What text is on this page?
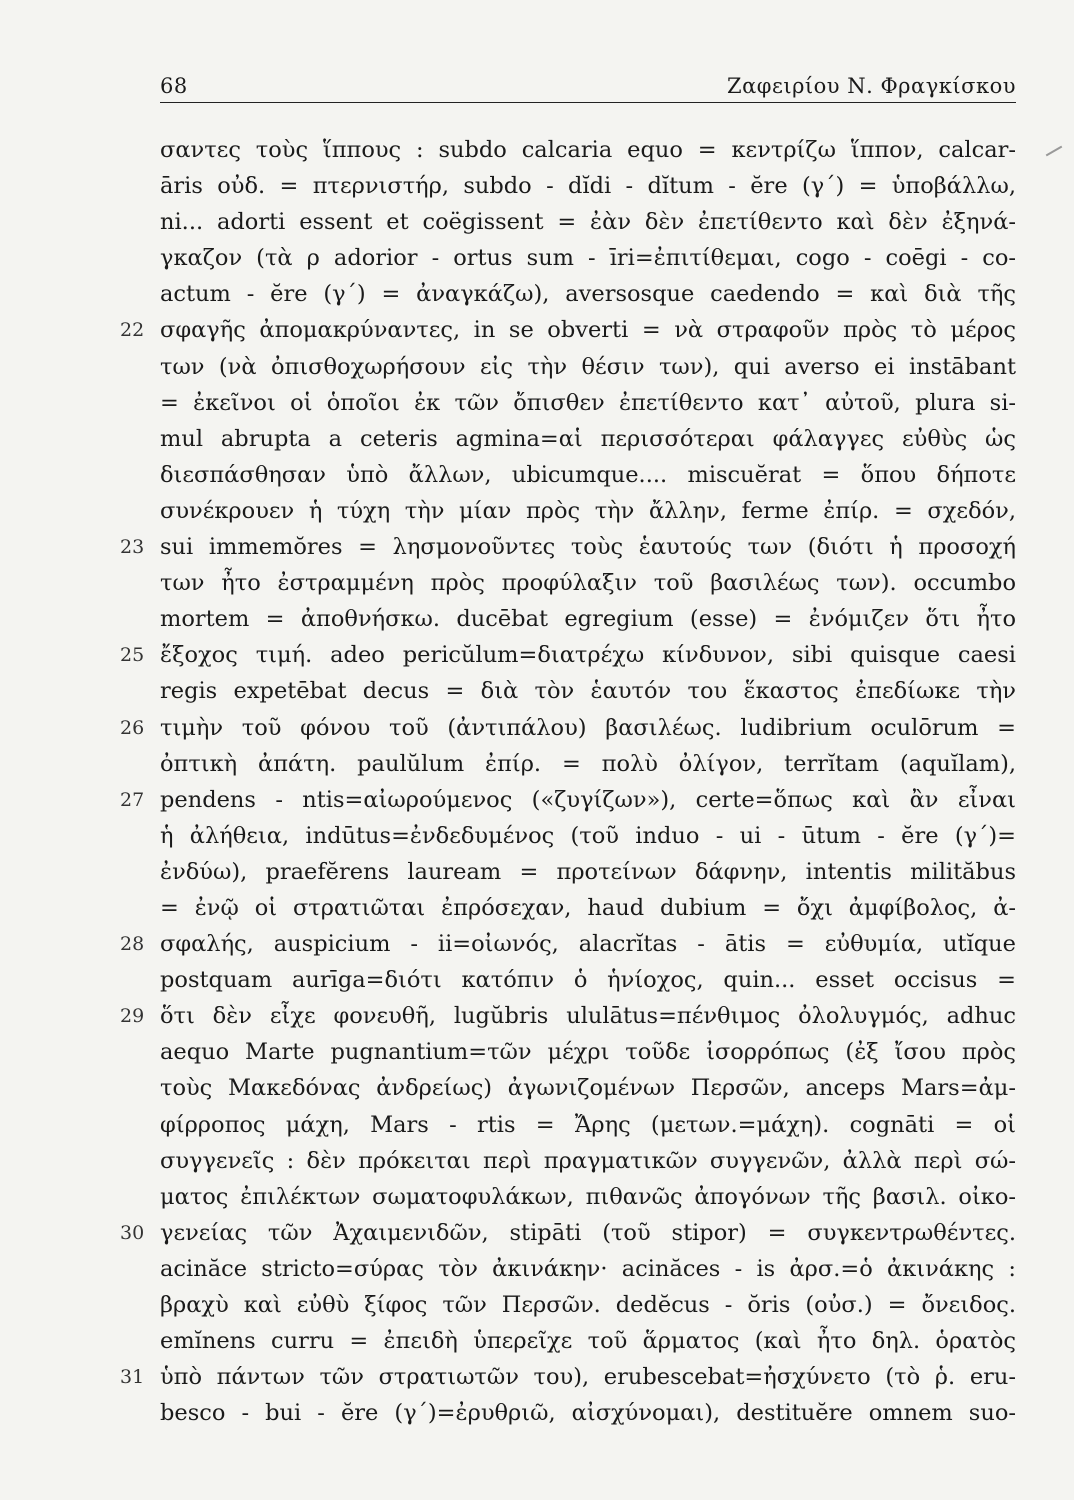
68	Ζαφειρίου Ν. Φραγκίσκου
σαντες τοὺς ἵππους : subdo calcaria equo = κεντρίζω ἵππον, calcar-
āris οὐδ. = πτερνιστήρ, subdo - dĭdi - dĭtum - ĕre (γ΄) = ὑποβάλλω,
ni... adorti essent et coëgissent = ἐὰν δὲν ἐπετίθεντο καὶ δὲν ἐξηνά-
γκαζον (τὰ ρ adorior - ortus sum - īri=ἐπιτίθεμαι, cogo - coēgi - co-
actum - ĕre (γ΄) = ἀναγκάζω), aversosque caedendo = καὶ διὰ τῆς
22 σφαγῆς ἀπομακρύναντες, in se obverti = νὰ στραφοῦν πρὸς τὸ μέρος
των (νὰ ὀπισθοχωρήσουν εἰς τὴν θέσιν των), qui averso ei instābant
= ἐκεῖνοι οἱ ὁποῖοι ἐκ τῶν ὄπισθεν ἐπετίθεντο κατ᾽ αὐτοῦ, plura si-
mul abrupta a ceteris agmina=αἱ περισσότεραι φάλαγγες εὐθὺς ὡς
διεσπάσθησαν ὑπὸ ἄλλων, ubicumque.... miscuĕrat = ὅπου δήποτε
συνέκρουεν ἡ τύχη τὴν μίαν πρὸς τὴν ἄλλην, ferme ἐπίρ. = σχεδόν,
23 sui immemŏres = λησμονοῦντες τοὺς ἑαυτούς των (διότι ἡ προσοχή
των ἦτο ἐστραμμένη πρὸς προφύλαξιν τοῦ βασιλέως των). occumbo
mortem = ἀποθνήσκω. ducēbat egregium (esse) = ἐνόμιζεν ὅτι ἦτο
25 ἔξοχος τιμή. adeo pericŭlum=διατρέχω κίνδυνον, sibi quisque caesi
regis expetēbat decus = διὰ τὸν ἑαυτόν του ἕκαστος ἐπεδίωκε τὴν
26 τιμὴν τοῦ φόνου τοῦ (ἀντιπάλου) βασιλέως. ludibrium oculōrum =
ὀπτικὴ ἀπάτη. paulŭlum ἐπίρ. = πολὺ ὀλίγον, terrĭtam (aquĭlam),
27 pendens - ntis=αἰωρούμενος («ζυγίζων»), certe=ὅπως καὶ ἂν εἶναι
ἡ ἀλήθεια, indūtus=ἐνδεδυμένος (τοῦ induo - ui - ūtum - ĕre (γ΄)=
ἐνδύω), praefĕrens lauream = προτείνων δάφνην, intentis milităbus
= ἐνῷ οἱ στρατιῶται ἐπρόσεχαν, haud dubium = ὄχι ἀμφίβολος, ἀ-
28 σφαλής, auspicium - ii=οἰωνός, alacrĭtas - ātis = εὐθυμία, utĭque
postquam aurīga=διότι κατόπιν ὁ ἡνίοχος, quin... esset occisus =
29 ὅτι δὲν εἶχε φονευθῆ, lugŭbris ululātus=πένθιμος ὀλολυγμός, adhuc
aequo Marte pugnantium=τῶν μέχρι τοῦδε ἰσορρόπως (ἐξ ἴσου πρὸς
τοὺς Μακεδόνας ἀνδρείως) ἀγωνιζομένων Περσῶν, anceps Mars=ἀμ-
φίρροπος μάχη, Mars - rtis = Ἄρης (μετων.=μάχη). cognāti = οἱ
συγγενεῖς : δὲν πρόκειται περὶ πραγματικῶν συγγενῶν, ἀλλὰ περὶ σώ-
ματος ἐπιλέκτων σωματοφυλάκων, πιθανῶς ἀπογόνων τῆς βασιλ. οἰκο-
30 γενείας τῶν Ἀχαιμενιδῶν, stipāti (τοῦ stipor) = συγκεντρωθέντες.
acinăce stricto=σύρας τὸν ἀκινάκην· acinăces - is ἀρσ.=ὁ ἀκινάκης :
βραχὺ καὶ εὐθὺ ξίφος τῶν Περσῶν. dedĕcus - ŏris (οὐσ.) = ὄνειδος.
emĭnens curru = ἐπειδὴ ὑπερεῖχε τοῦ ἅρματος (καὶ ἦτο δηλ. ὁρατὸς
31 ὑπὸ πάντων τῶν στρατιωτῶν του), erubescebat=ἠσχύνετο (τὸ ῥ. eru-
besco - bui - ĕre (γ΄)=ἐρυθριῶ, αἰσχύνομαι), destituĕre omnem suo-
